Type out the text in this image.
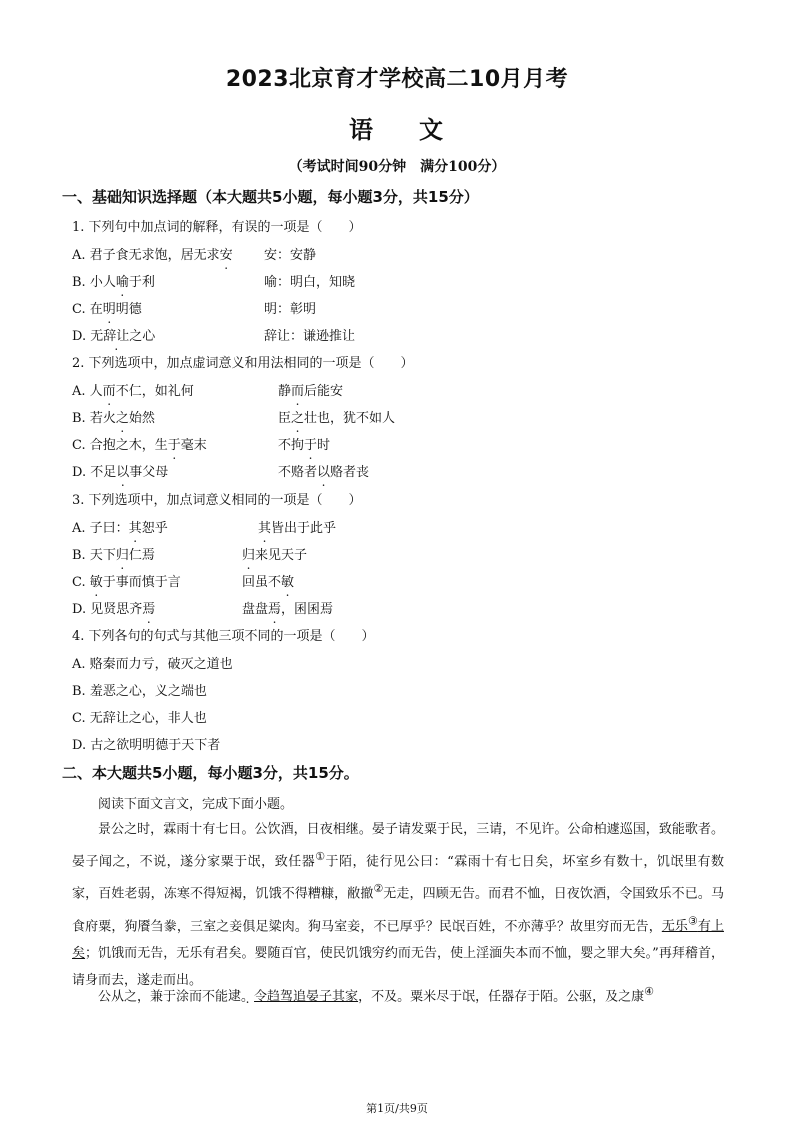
2023北京育才学校高二10月月考
语 文
（考试时间90分钟　满分100分）
一、基础知识选择题（本大题共5小题，每小题3分，共15分）
1. 下列句中加点词的解释，有误的一项是（　　）
A. 君子食无求饱，居无求安 安：安静
B. 小人喻于利	喻：明白，知晓
C. 在明明德	明：彰明
D. 无辞让之心	辞让：谦逊推让
2. 下列选项中，加点虚词意义和用法相同的一项是（　　）
A. 人而不仁，如礼何	静而后能安
B. 若火之始然	臣之壮也，犹不如人
C. 合抱之木，生于毫末	不拘于时
D. 不足以事父母	不赂者以赂者丧
3. 下列选项中，加点词意义相同的一项是（　　）
A. 子曰：其恕乎	其皆出于此乎
B. 天下归仁焉	归来见天子
C. 敏于事而慎于言	回虽不敏
D. 见贤思齐焉	盘盘焉，囷囷焉
4. 下列各句的句式与其他三项不同的一项是（　　）
A. 赂秦而力亏，破灭之道也
B. 羞恶之心，义之端也
C. 无辞让之心，非人也
D. 古之欲明明德于天下者
二、本大题共5小题，每小题3分，共15分。
阅读下面文言文，完成下面小题。
景公之时，霖雨十有七日。公饮酒，日夜相继。晏子请发粟于民，三请，不见许。公命柏遽巡国，致能歌者。晏子闻之，不说，遂分家粟于氓，致任器①于陌，徒行见公曰：“霖雨十有七日矣，坏室乡有数十，饥氓里有数家，百姓老弱，冻寒不得短褐，饥饿不得糟糠，敝撤②无走，四顾无告。而君不恤，日夜饮酒，令国致乐不已。马食府粟，狗餍刍豢，三室之妾俱足粱肉。狗马室妾，不已厚乎？民氓百姓，不亦薄乎？故里穷而无告，无乐③有上矣；饥饿而无告，无乐有君矣。婴随百官，使民饥饿穷约而无告，使上淫湎失本而不恤，婴之罪大矣。”再拜稽首，请身而去，遂走而出。
公从之，兼于涂而不能逮 .。令趋驾追晏子其家，不及。粟米尽于氓，任器存于陌。公驱，及之康④
第1页/共9页
